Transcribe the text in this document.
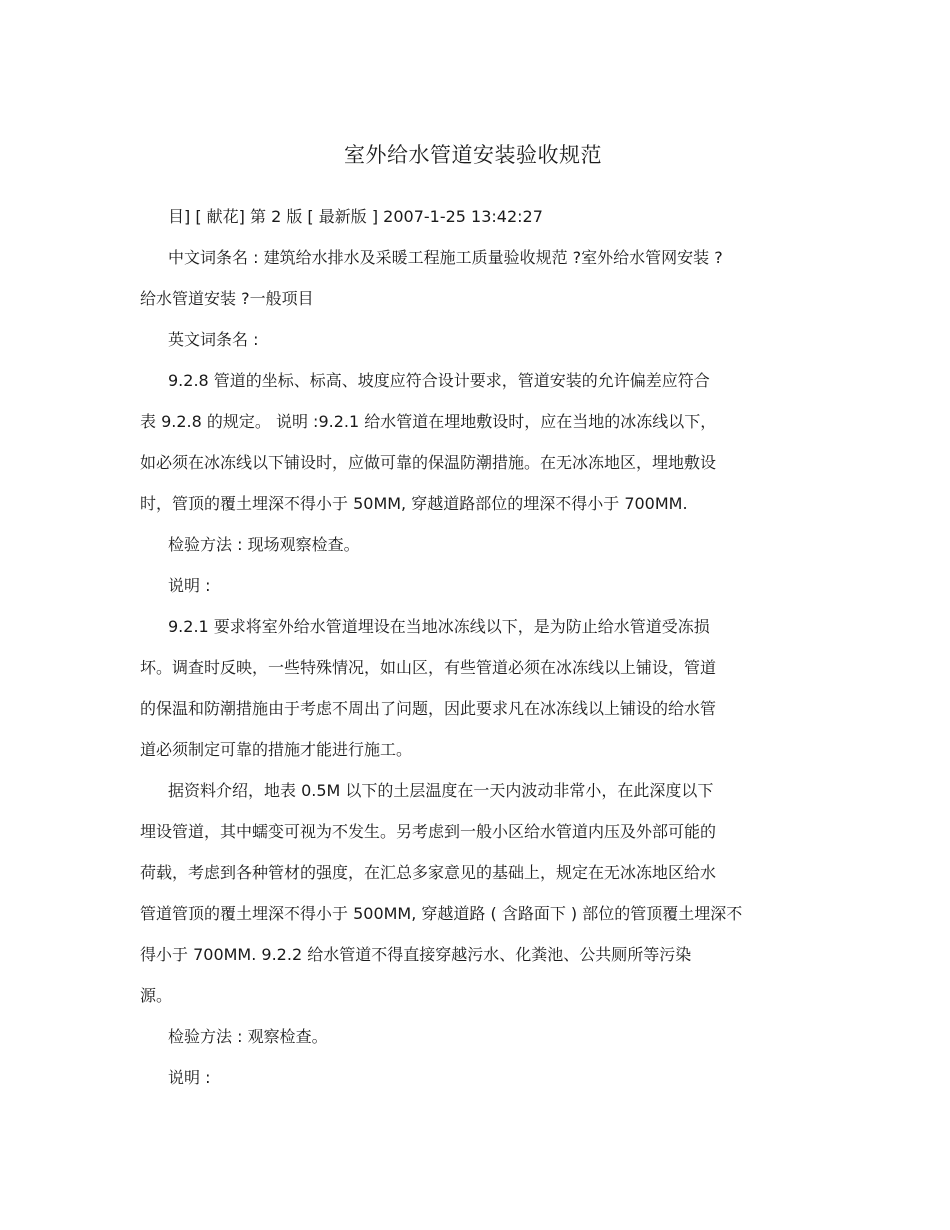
室外给水管道安装验收规范
目] [ 献花] 第 2 版 [ 最新版 ] 2007-1-25 13:42:27
中文词条名 : 建筑给水排水及采暖工程施工质量验收规范 ?室外给水管网安装 ?
给水管道安装 ?一般项目
英文词条名 :
9.2.8 管道的坐标、标高、坡度应符合设计要求，管道安装的允许偏差应符合
表 9.2.8 的规定。 说明 :9.2.1 给水管道在埋地敷设时，应在当地的冰冻线以下，
如必须在冰冻线以下铺设时，应做可靠的保温防潮措施。在无冰冻地区，埋地敷设
时，管顶的覆土埋深不得小于 50MM, 穿越道路部位的埋深不得小于 700MM.
检验方法 : 现场观察检查。
说明 :
9.2.1 要求将室外给水管道埋设在当地冰冻线以下，是为防止给水管道受冻损
坏。调查时反映，一些特殊情况，如山区，有些管道必须在冰冻线以上铺设，管道
的保温和防潮措施由于考虑不周出了问题，因此要求凡在冰冻线以上铺设的给水管
道必须制定可靠的措施才能进行施工。
据资料介绍，地表 0.5M 以下的土层温度在一天内波动非常小，在此深度以下
埋设管道，其中蠕变可视为不发生。另考虑到一般小区给水管道内压及外部可能的
荷载，考虑到各种管材的强度，在汇总多家意见的基础上，规定在无冰冻地区给水
管道管顶的覆土埋深不得小于 500MM, 穿越道路 ( 含路面下 ) 部位的管顶覆土埋深不
得小于 700MM. 9.2.2 给水管道不得直接穿越污水、化粪池、公共厕所等污染
源。
检验方法 : 观察检查。
说明 :
